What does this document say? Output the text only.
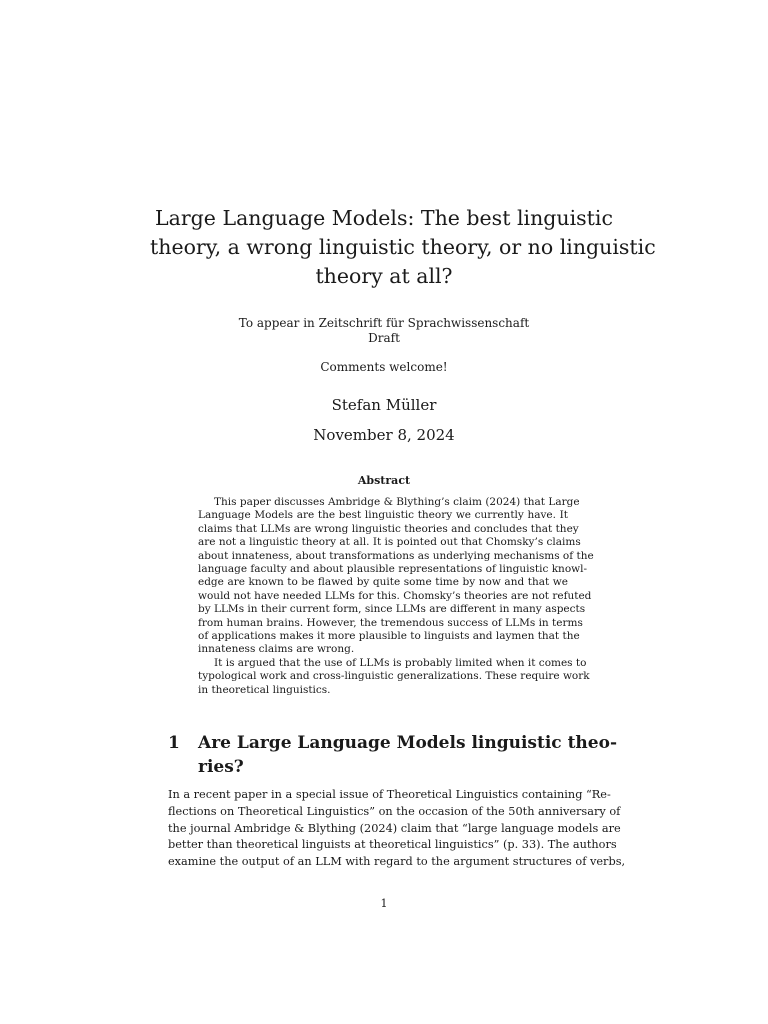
Large Language Models: The best linguistic
theory, a wrong linguistic theory, or no linguistic
theory at all?
To appear in Zeitschrift für Sprachwissenschaft
Draft
Comments welcome!
Stefan Müller
November 8, 2024
Abstract
This paper discusses Ambridge & Blything’s claim (2024) that Large
Language Models are the best linguistic theory we currently have. It
claims that LLMs are wrong linguistic theories and concludes that they
are not a linguistic theory at all. It is pointed out that Chomsky’s claims
about innateness, about transformations as underlying mechanisms of the
language faculty and about plausible representations of linguistic knowl-
edge are known to be flawed by quite some time by now and that we
would not have needed LLMs for this. Chomsky’s theories are not refuted
by LLMs in their current form, since LLMs are different in many aspects
from human brains. However, the tremendous success of LLMs in terms
of applications makes it more plausible to linguists and laymen that the
innateness claims are wrong.
It is argued that the use of LLMs is probably limited when it comes to
typological work and cross-linguistic generalizations. These require work
in theoretical linguistics.
1 Are Large Language Models linguistic theo-
ries?
In a recent paper in a special issue of Theoretical Linguistics containing “Re-
flections on Theoretical Linguistics” on the occasion of the 50th anniversary of
the journal Ambridge & Blything (2024) claim that “large language models are
better than theoretical linguists at theoretical linguistics” (p. 33). The authors
examine the output of an LLM with regard to the argument structures of verbs,
1
